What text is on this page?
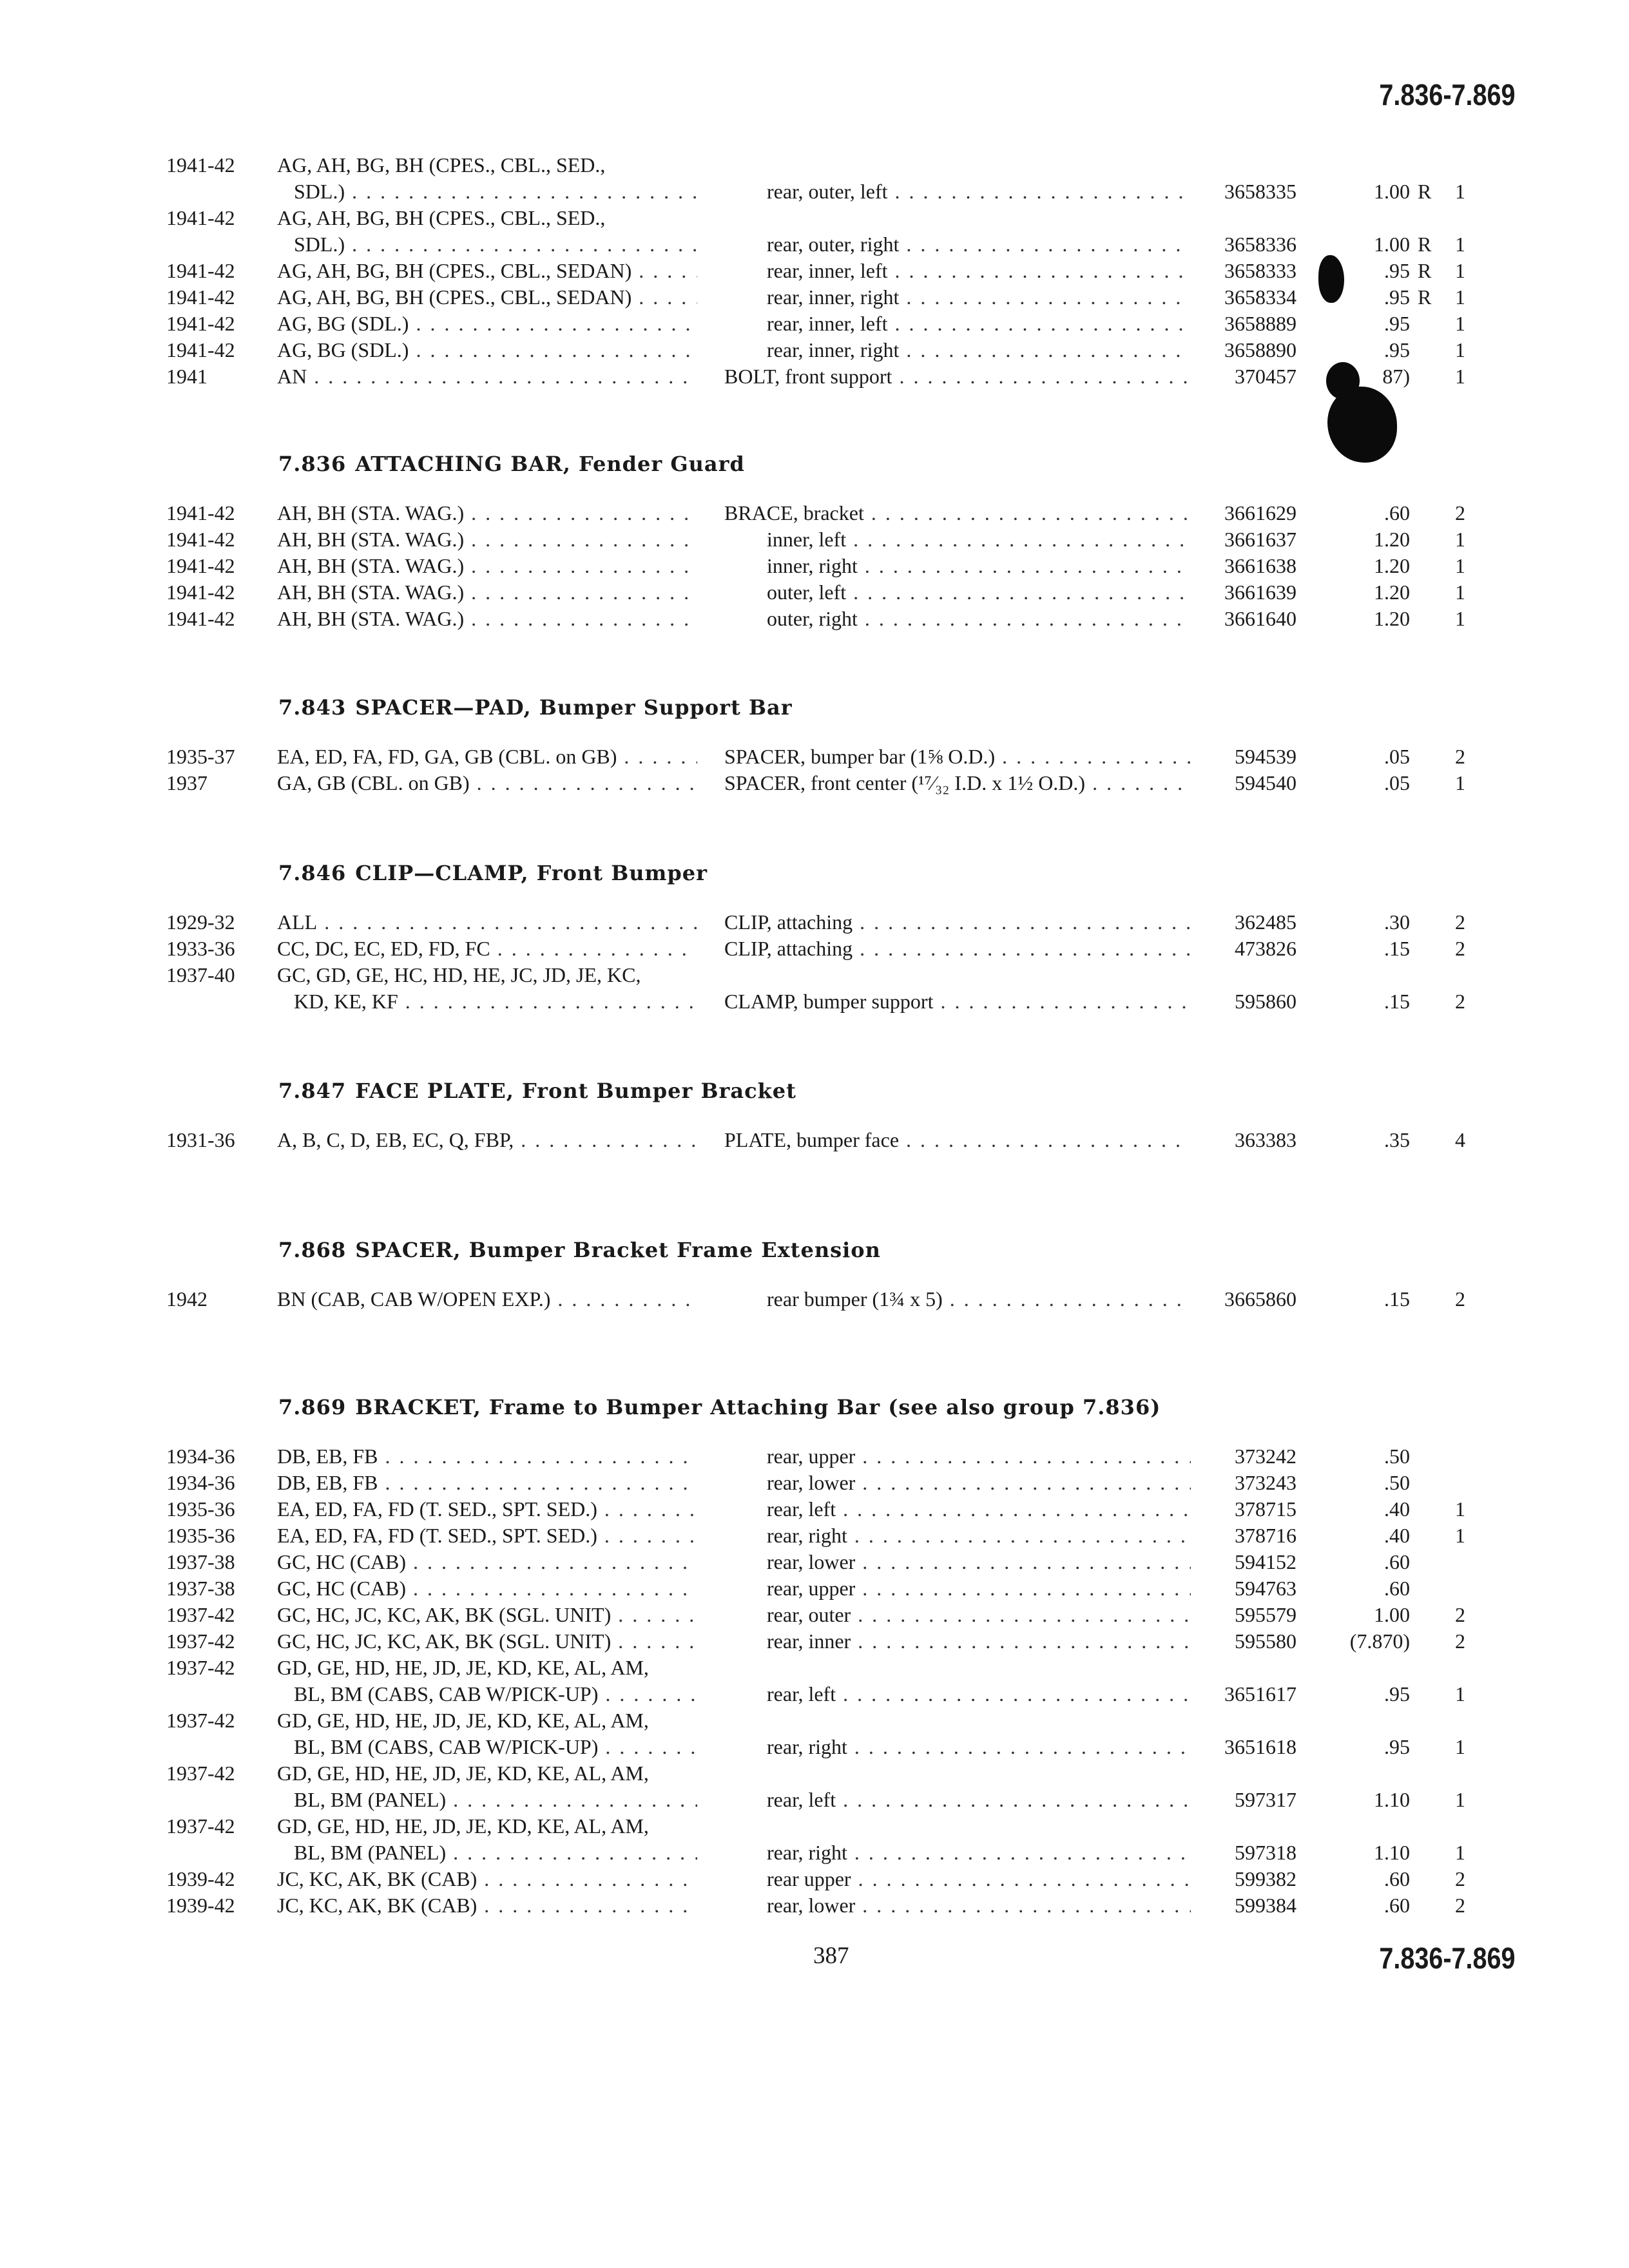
7.836-7.869
1941-42 AG, AH, BG, BH (CPES., CBL., SED.,
SDL.) . . .	rear, outer, left . . .	3658335	1.00 R 1
1941-42 AG, AH, BG, BH (CPES., CBL., SED.,
SDL.) . . .	rear, outer, right . . .	3658336	1.00 R 1
1941-42 AG, AH, BG, BH (CPES., CBL., SEDAN) . . .	rear, inner, left . . .	3658333	.95 R 1
1941-42 AG, AH, BG, BH (CPES., CBL., SEDAN) . . .	rear, inner, right . . .	3658334	.95 R 1
1941-42 AG, BG (SDL.) . . .	rear, inner, left . . .	3658889	.95 1
1941-42 AG, BG (SDL.) . . .	rear, inner, right . . .	3658890	.95 1
1941	AN . . .	BOLT, front support . . .	370457	87) 1
7.836 ATTACHING BAR, Fender Guard
1941-42 AH, BH (STA. WAG.) . . .	BRACE, bracket . . .	3661629	.60 2
1941-42 AH, BH (STA. WAG.) . . .	inner, left . . .	3661637	1.20 1
1941-42 AH, BH (STA. WAG.) . . .	inner, right . . .	3661638	1.20 1
1941-42 AH, BH (STA. WAG.) . . .	outer, left . . .	3661639	1.20 1
1941-42 AH, BH (STA. WAG.) . . .	outer, right . . .	3661640	1.20 1
7.843 SPACER—PAD, Bumper Support Bar
1935-37 EA, ED, FA, FD, GA, GB (CBL. on GB) . . .	SPACER, bumper bar (1⅝ O.D.) . . .	594539	.05 2
1937	GA, GB (CBL. on GB) . . .	SPACER, front center (¹⁷⁄₃₂ I.D. x 1½ O.D.) . . .	594540	.05 1
7.846 CLIP—CLAMP, Front Bumper
1929-32 ALL . . .	CLIP, attaching . . .	362485	.30 2
1933-36 CC, DC, EC, ED, FD, FC . . .	CLIP, attaching . . .	473826	.15 2
1937-40 GC, GD, GE, HC, HD, HE, JC, JD, JE, KC,
KD, KE, KF . . .	CLAMP, bumper support . . .	595860	.15 2
7.847 FACE PLATE, Front Bumper Bracket
1931-36 A, B, C, D, EB, EC, Q, FBP, . . .	PLATE, bumper face . . .	363383	.35 4
7.868 SPACER, Bumper Bracket Frame Extension
1942	BN (CAB, CAB W/OPEN EXP.) . . .	rear bumper (1¾ x 5) . . .	3665860	.15 2
7.869 BRACKET, Frame to Bumper Attaching Bar (see also group 7.836)
1934-36 DB, EB, FB . . .	rear, upper . . .	373242	.50
1934-36 DB, EB, FB . . .	rear, lower . . .	373243	.50
1935-36 EA, ED, FA, FD (T. SED., SPT. SED.) . . .	rear, left . . .	378715	.40 1
1935-36 EA, ED, FA, FD (T. SED., SPT. SED.) . . .	rear, right . . .	378716	.40 1
1937-38 GC, HC (CAB) . . .	rear, lower . . .	594152	.60
1937-38 GC, HC (CAB) . . .	rear, upper . . .	594763	.60
1937-42 GC, HC, JC, KC, AK, BK (SGL. UNIT) . . .	rear, outer . . .	595579	1.00 2
1937-42 GC, HC, JC, KC, AK, BK (SGL. UNIT) . . .	rear, inner . . .	595580	(7.870) 2
1937-42 GD, GE, HD, HE, JD, JE, KD, KE, AL, AM,
BL, BM (CABS, CAB W/PICK-UP) . . .	rear, left . . .	3651617	.95 1
1937-42 GD, GE, HD, HE, JD, JE, KD, KE, AL, AM,
BL, BM (CABS, CAB W/PICK-UP) . . .	rear, right . . .	3651618	.95 1
1937-42 GD, GE, HD, HE, JD, JE, KD, KE, AL, AM,
BL, BM (PANEL) . . .	rear, left . . .	597317	1.10 1
1937-42 GD, GE, HD, HE, JD, JE, KD, KE, AL, AM,
BL, BM (PANEL) . . .	rear, right . . .	597318	1.10 1
1939-42 JC, KC, AK, BK (CAB) . . .	rear upper . . .	599382	.60 2
1939-42 JC, KC, AK, BK (CAB) . . .	rear, lower . . .	599384	.60 2
387	7.836-7.869
